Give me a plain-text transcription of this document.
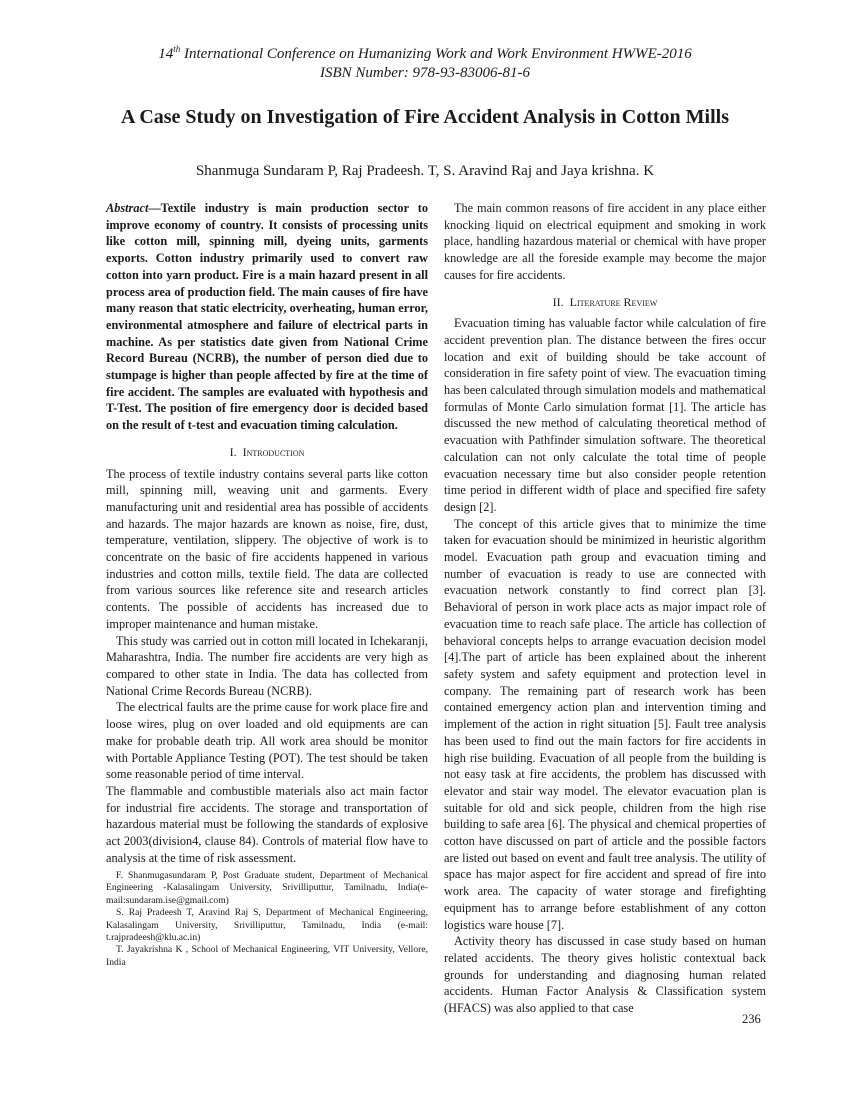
14th International Conference on Humanizing Work and Work Environment HWWE-2016
ISBN Number: 978-93-83006-81-6
A Case Study on Investigation of Fire Accident Analysis in Cotton Mills
Shanmuga Sundaram P, Raj Pradeesh. T, S. Aravind Raj and Jaya krishna. K

Abstract—Textile industry is main production sector to improve economy of country. It consists of processing units like cotton mill, spinning mill, dyeing units, garments exports. Cotton industry primarily used to convert raw cotton into yarn product. Fire is a main hazard present in all process area of production field. The main causes of fire have many reason that static electricity, overheating, human error, environmental atmosphere and failure of electrical parts in machine. As per statistics date given from National Crime Record Bureau (NCRB), the number of person died due to stumpage is higher than people affected by fire at the time of fire accident. The samples are evaluated with hypothesis and T-Test. The position of fire emergency door is decided based on the result of t-test and evacuation timing calculation.

I. Introduction

The process of textile industry contains several parts like cotton mill, spinning mill, weaving unit and garments. Every manufacturing unit and residential area has possible of accidents and hazards. The major hazards are known as noise, fire, dust, temperature, ventilation, slippery. The objective of work is to concentrate on the basic of fire accidents happened in various industries and cotton mills, textile field. The data are collected from various sources like reference site and research articles contents. The possible of accidents has increased due to improper maintenance and human mistake.

This study was carried out in cotton mill located in Ichekaranji, Maharashtra, India. The number fire accidents are very high as compared to other state in India. The data has collected from National Crime Records Bureau (NCRB).

The electrical faults are the prime cause for work place fire and loose wires, plug on over loaded and old equipments are can make for probable death trip. All work area should be monitor with Portable Appliance Testing (POT). The test should be taken some reasonable period of time interval.

The flammable and combustible materials also act main factor for industrial fire accidents. The storage and transportation of hazardous material must be following the standards of explosive act 2003(division4, clause 84). Controls of material flow have to analysis at the time of risk assessment.

F. Shanmugasundaram P, Post Graduate student, Department of Mechanical Engineering -Kalasalingam University, Srivilliputtur, Tamilnadu, India(e-mail:sundaram.ise@gmail.com)

S. Raj Pradeesh T, Aravind Raj S, Department of Mechanical Engineering, Kalasalingam University, Srivilliputtur, Tamilnadu, India (e-mail: t.rajpradeesh@klu.ac.in)

T. Jayakrishna K , School of Mechanical Engineering, VIT University, Vellore, India

The main common reasons of fire accident in any place either knocking liquid on electrical equipment and smoking in work place, handling hazardous material or chemical with have proper knowledge are all the foreside example may become the major causes for fire accidents.

II. Literature Review

Evacuation timing has valuable factor while calculation of fire accident prevention plan. The distance between the fires occur location and exit of building should be take account of consideration in fire safety point of view. The evacuation timing has been calculated through simulation models and mathematical formulas of Monte Carlo simulation format [1]. The article has discussed the new method of calculating theoretical method of evacuation with Pathfinder simulation software. The theoretical calculation can not only calculate the total time of people evacuation necessary time but also consider people retention time period in different width of place and specified fire safety design [2].

The concept of this article gives that to minimize the time taken for evacuation should be minimized in heuristic algorithm model. Evacuation path group and evacuation timing and number of evacuation is ready to use are connected with evacuation network constantly to find correct plan [3]. Behavioral of person in work place acts as major impact role of evacuation time to reach safe place. The article has collection of behavioral concepts helps to arrange evacuation decision model [4].The part of article has been explained about the inherent safety system and safety equipment and protection level in company. The remaining part of research work has been contained emergency action plan and intervention timing and implement of the action in right situation [5]. Fault tree analysis has been used to find out the main factors for fire accidents in high rise building. Evacuation of all people from the building is not easy task at fire accidents, the problem has discussed with elevator and stair way model. The elevator evacuation plan is suitable for old and sick people, children from the high rise building to safe area [6]. The physical and chemical properties of cotton have discussed on part of article and the possible factors are listed out based on event and fault tree analysis. The utility of space has major aspect for fire accident and spread of fire into work area. The capacity of water storage and firefighting equipment has to arrange before establishment of any cotton logistics ware house [7].

Activity theory has discussed in case study based on human related accidents. The theory gives holistic contextual back grounds for understanding and diagnosing human related accidents. Human Factor Analysis & Classification system (HFACS) was also applied to that case

236
